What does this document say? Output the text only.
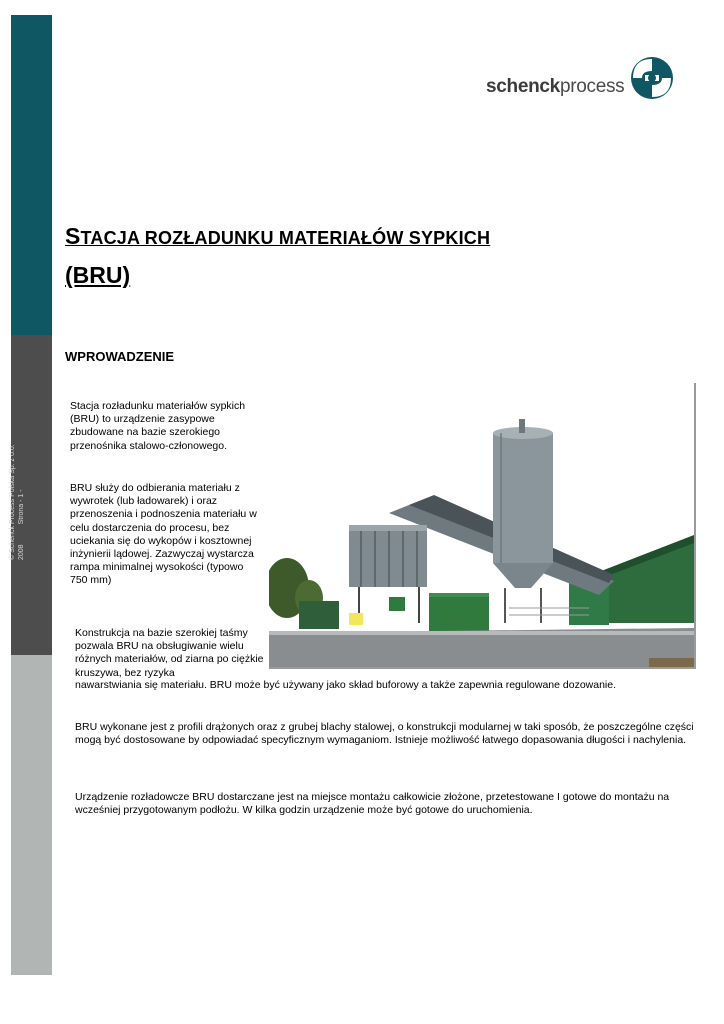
© Schenck Process Polska Sp. z o.o. 2008Strona - 1 -
schenckprocess
STACJA ROZŁADUNKU MATERIAŁÓW SYPKICH
(BRU)
WPROWADZENIE
Stacja rozładunku materiałów sypkich (BRU) to urządzenie zasypowe zbudowane na bazie szerokiego przenośnika stalowo-członowego.
BRU służy do odbierania materiału z wywrotek (lub ładowarek) i oraz przenoszenia i podnoszenia materiału w celu dostarczenia do procesu, bez uciekania się do wykopów i kosztownej inżynierii lądowej. Zazwyczaj wystarcza rampa minimalnej wysokości (typowo 750 mm)
Konstrukcja na bazie szerokiej taśmy pozwala BRU na obsługiwanie wielu różnych materiałów, od ziarna po ciężkie kruszywa, bez ryzyka
nawarstwiania się materiału. BRU może być używany jako skład buforowy a także zapewnia regulowane dozowanie.
BRU wykonane jest z profili drążonych oraz z grubej blachy stalowej, o konstrukcji modularnej w taki sposób, że poszczególne części mogą być dostosowane by odpowiadać specyficznym wymaganiom. Istnieje możliwość łatwego dopasowania długości i nachylenia.
Urządzenie rozładowcze BRU dostarczane jest na miejsce montażu całkowicie złożone, przetestowane I gotowe do montażu na wcześniej przygotowanym podłożu. W kilka godzin urządzenie może być gotowe do uruchomienia.
